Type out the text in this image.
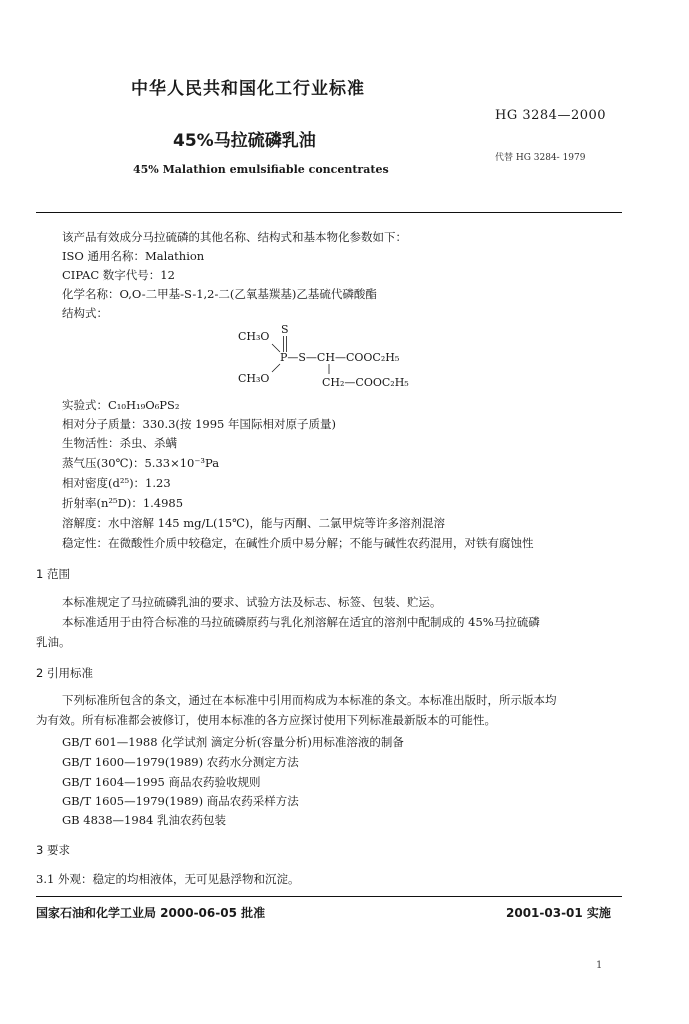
中华人民共和国化工行业标准
HG 3284—2000
45%马拉硫磷乳油
代替 HG 3284- 1979
45% Malathion emulsifiable concentrates
该产品有效成分马拉硫磷的其他名称、结构式和基本物化参数如下：
ISO 通用名称：Malathion
CIPAC 数字代号：12
化学名称：O,O-二甲基-S-1,2-二(乙氧基羰基)乙基硫代磷酸酯
结构式：
CH₃O
S
P—S—CH—COOC₂H₅
CH₃O	CH₂—COOC₂H₅
实验式：C₁₀H₁₉O₆PS₂
相对分子质量：330.3(按 1995 年国际相对原子质量)
生物活性：杀虫、杀螨
蒸气压(30℃)：5.33×10⁻³Pa
相对密度(d²⁵)：1.23
折射率(n²⁵D)：1.4985
溶解度：水中溶解 145 mg/L(15℃)，能与丙酮、二氯甲烷等许多溶剂混溶
稳定性：在微酸性介质中较稳定，在碱性介质中易分解；不能与碱性农药混用，对铁有腐蚀性
1 范围
本标准规定了马拉硫磷乳油的要求、试验方法及标志、标签、包装、贮运。
本标准适用于由符合标准的马拉硫磷原药与乳化剂溶解在适宜的溶剂中配制成的 45%马拉硫磷
乳油。
2 引用标准
下列标准所包含的条文，通过在本标准中引用而构成为本标准的条文。本标准出版时，所示版本均
为有效。所有标准都会被修订，使用本标准的各方应探讨使用下列标准最新版本的可能性。
GB/T 601—1988 化学试剂 滴定分析(容量分析)用标准溶液的制备
GB/T 1600—1979(1989) 农药水分测定方法
GB/T 1604—1995 商品农药验收规则
GB/T 1605—1979(1989) 商品农药采样方法
GB 4838—1984 乳油农药包装
3 要求
3.1 外观：稳定的均相液体，无可见悬浮物和沉淀。
国家石油和化学工业局 2000-06-05 批准	2001-03-01 实施
1
